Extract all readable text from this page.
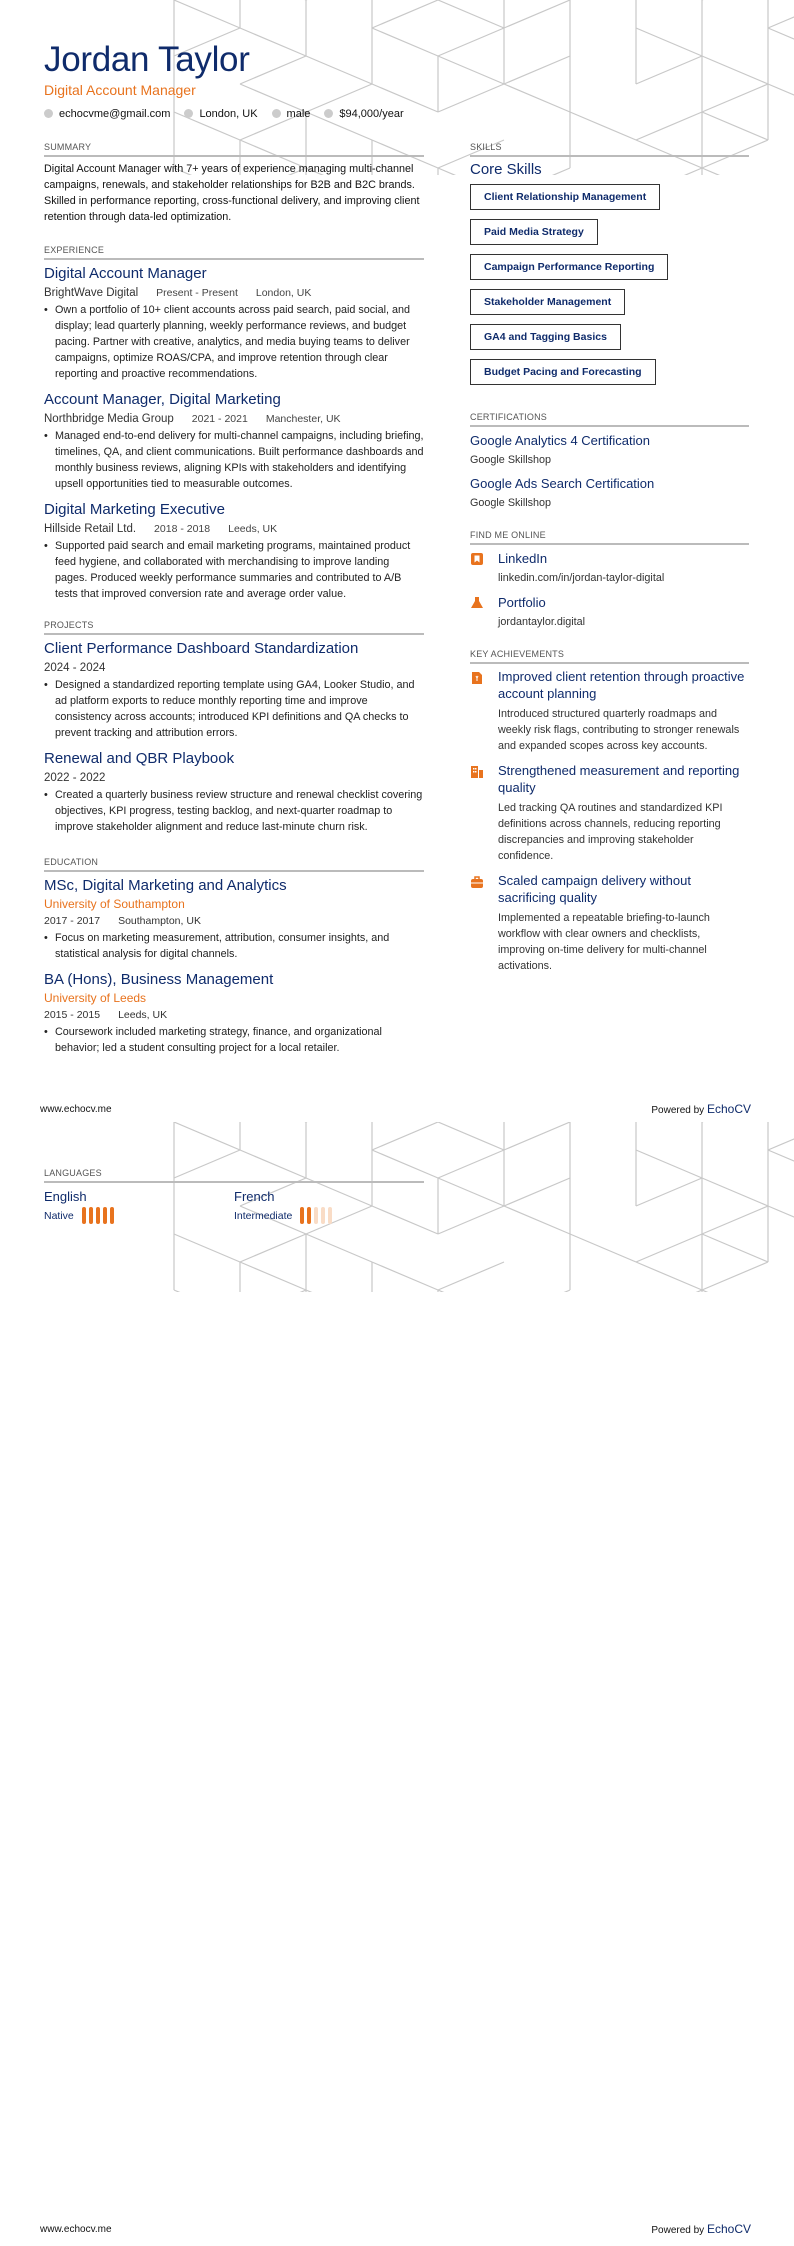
Jordan Taylor
Digital Account Manager
echocvme@gmail.com	London, UK	male	$94,000/year
SUMMARY
Digital Account Manager with 7+ years of experience managing multi-channel campaigns, renewals, and stakeholder relationships for B2B and B2C brands. Skilled in performance reporting, cross-functional delivery, and improving client retention through data-led optimization.
EXPERIENCE
Digital Account Manager
BrightWave Digital Present - Present London, UK
• Own a portfolio of 10+ client accounts across paid search, paid social, and display; lead quarterly planning, weekly performance reviews, and budget pacing. Partner with creative, analytics, and media buying teams to deliver campaigns, optimize ROAS/CPA, and improve retention through clear reporting and proactive recommendations.
Account Manager, Digital Marketing
Northbridge Media Group 2021 - 2021 Manchester, UK
• Managed end-to-end delivery for multi-channel campaigns, including briefing, timelines, QA, and client communications. Built performance dashboards and monthly business reviews, aligning KPIs with stakeholders and identifying upsell opportunities tied to measurable outcomes.
Digital Marketing Executive
Hillside Retail Ltd. 2018 - 2018 Leeds, UK
• Supported paid search and email marketing programs, maintained product feed hygiene, and collaborated with merchandising to improve landing pages. Produced weekly performance summaries and contributed to A/B tests that improved conversion rate and average order value.
PROJECTS
Client Performance Dashboard Standardization
2024 - 2024
• Designed a standardized reporting template using GA4, Looker Studio, and ad platform exports to reduce monthly reporting time and improve consistency across accounts; introduced KPI definitions and QA checks to prevent tracking and attribution errors.
Renewal and QBR Playbook
2022 - 2022
• Created a quarterly business review structure and renewal checklist covering objectives, KPI progress, testing backlog, and next-quarter roadmap to improve stakeholder alignment and reduce last-minute churn risk.
EDUCATION
MSc, Digital Marketing and Analytics
University of Southampton
2017 - 2017 Southampton, UK
• Focus on marketing measurement, attribution, consumer insights, and statistical analysis for digital channels.
BA (Hons), Business Management
University of Leeds
2015 - 2015 Leeds, UK
• Coursework included marketing strategy, finance, and organizational behavior; led a student consulting project for a local retailer.
SKILLS
Core Skills
Client Relationship Management
Paid Media Strategy
Campaign Performance Reporting
Stakeholder Management
GA4 and Tagging Basics
Budget Pacing and Forecasting
CERTIFICATIONS
Google Analytics 4 Certification
Google Skillshop
Google Ads Search Certification
Google Skillshop
FIND ME ONLINE
LinkedIn
linkedin.com/in/jordan-taylor-digital
Portfolio
jordantaylor.digital
KEY ACHIEVEMENTS
Improved client retention through proactive account planning
Introduced structured quarterly roadmaps and weekly risk flags, contributing to stronger renewals and expanded scopes across key accounts.
Strengthened measurement and reporting quality
Led tracking QA routines and standardized KPI definitions across channels, reducing reporting discrepancies and improving stakeholder confidence.
Scaled campaign delivery without sacrificing quality
Implemented a repeatable briefing-to-launch workflow with clear owners and checklists, improving on-time delivery for multi-channel activations.
www.echocv.me	Powered by EchoCV
LANGUAGES
English
Native
French
Intermediate
www.echocv.me	Powered by EchoCV
